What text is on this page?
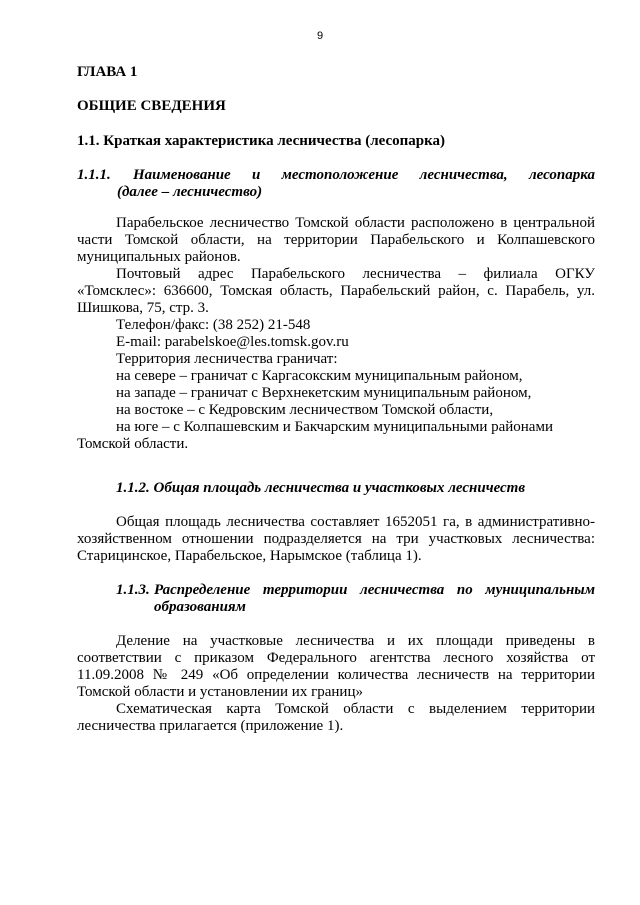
9
ГЛАВА 1
ОБЩИЕ СВЕДЕНИЯ
1.1. Краткая характеристика лесничества (лесопарка)
1.1.1.	Наименование и местоположение лесничества, лесопарка
(далее – лесничество)
Парабельское лесничество Томской области расположено в центральной
части Томской области, на территории Парабельского и Колпашевского
муниципальных районов.
Почтовый адрес Парабельского лесничества – филиала ОГКУ
«Томсклес»: 636600, Томская область, Парабельский район, с. Парабель, ул.
Шишкова, 75, стр. 3.
Телефон/факс: (38 252) 21-548
E-mail: parabelskoe@les.tomsk.gov.ru
Территория лесничества граничат:
на севере – граничат с Каргасокским муниципальным районом,
на западе – граничат с Верхнекетским муниципальным районом,
на востоке – с Кедровским лесничеством Томской области,
на юге – с Колпашевским и Бакчарским муниципальными районами
Томской области.
1.1.2. Общая площадь лесничества и участковых лесничеств
Общая площадь лесничества составляет 1652051 га, в административно-
хозяйственном отношении подразделяется на три участковых лесничества:
Старицинское, Парабельское, Нарымское (таблица 1).
1.1.3. Распределение территории лесничества по муниципальным
образованиям
Деление на участковые лесничества и их площади приведены в
соответствии с приказом Федерального агентства лесного хозяйства от
11.09.2008 № 249 «Об определении количества лесничеств на территории
Томской области и установлении их границ»
Схематическая карта Томской области с выделением территории
лесничества прилагается (приложение 1).
